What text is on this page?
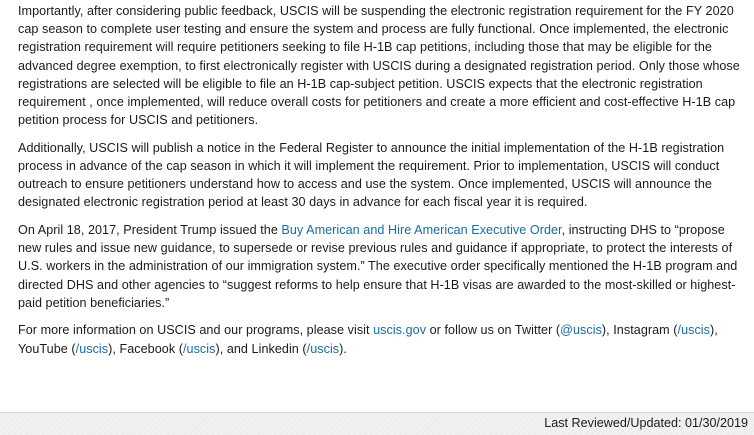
Importantly, after considering public feedback, USCIS will be suspending the electronic registration requirement for the FY 2020 cap season to complete user testing and ensure the system and process are fully functional. Once implemented, the electronic registration requirement will require petitioners seeking to file H-1B cap petitions, including those that may be eligible for the advanced degree exemption, to first electronically register with USCIS during a designated registration period. Only those whose registrations are selected will be eligible to file an H-1B cap-subject petition. USCIS expects that the electronic registration requirement , once implemented, will reduce overall costs for petitioners and create a more efficient and cost-effective H-1B cap petition process for USCIS and petitioners.

Additionally, USCIS will publish a notice in the Federal Register to announce the initial implementation of the H-1B registration process in advance of the cap season in which it will implement the requirement. Prior to implementation, USCIS will conduct outreach to ensure petitioners understand how to access and use the system. Once implemented, USCIS will announce the designated electronic registration period at least 30 days in advance for each fiscal year it is required.

On April 18, 2017, President Trump issued the Buy American and Hire American Executive Order, instructing DHS to “propose new rules and issue new guidance, to supersede or revise previous rules and guidance if appropriate, to protect the interests of U.S. workers in the administration of our immigration system.” The executive order specifically mentioned the H-1B program and directed DHS and other agencies to “suggest reforms to help ensure that H-1B visas are awarded to the most-skilled or highest-paid petition beneficiaries.”

For more information on USCIS and our programs, please visit uscis.gov or follow us on Twitter (@uscis), Instagram (/uscis), YouTube (/uscis), Facebook (/uscis), and Linkedin (/uscis).

Last Reviewed/Updated: 01/30/2019
